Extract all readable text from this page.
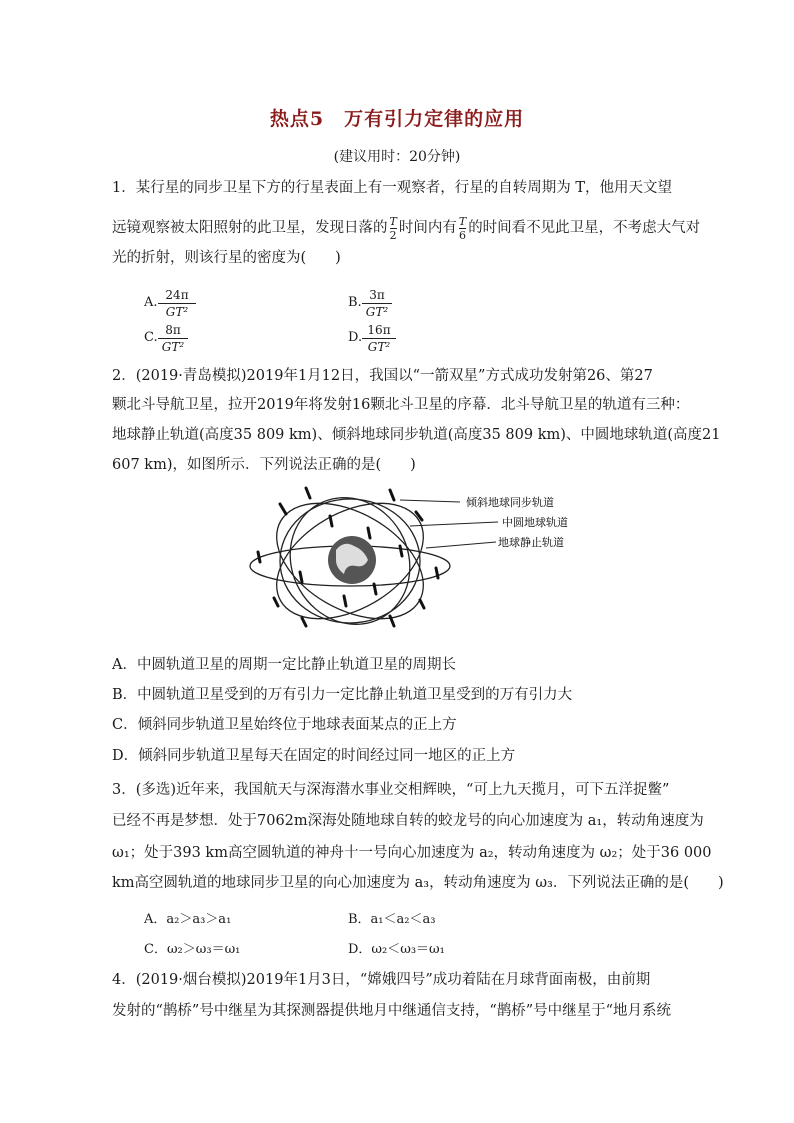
热点5　万有引力定律的应用
(建议用时：20分钟)
1．某行星的同步卫星下方的行星表面上有一观察者，行星的自转周期为 T，他用天文望
远镜观察被太阳照射的此卫星，发现日落的 $\frac{T}{2}$ 时间内有 $\frac{T}{6}$ 的时间看不见此卫星，不考虑大气对
光的折射，则该行星的密度为(　　)
A. $\frac{24\pi}{\text{GT²}}$	B. $\frac{3\pi}{\text{GT²}}$
C. $\frac{8\pi}{\text{GT²}}$	D. $\frac{16\pi}{\text{GT²}}$
2．(2019·青岛模拟)2019年1月12日，我国以“一箭双星”方式成功发射第26、第27
颗北斗导航卫星，拉开2019年将发射16颗北斗卫星的序幕．北斗导航卫星的轨道有三种：
地球静止轨道(高度35 809 km)、倾斜地球同步轨道(高度35 809 km)、中圆地球轨道(高度21
607 km)，如图所示．下列说法正确的是(　　)
倾斜地球同步轨道
中圆地球轨道
地球静止轨道
A．中圆轨道卫星的周期一定比静止轨道卫星的周期长
B．中圆轨道卫星受到的万有引力一定比静止轨道卫星受到的万有引力大
C．倾斜同步轨道卫星始终位于地球表面某点的正上方
D．倾斜同步轨道卫星每天在固定的时间经过同一地区的正上方
3．(多选)近年来，我国航天与深海潜水事业交相辉映，“可上九天揽月，可下五洋捉鳖”
已经不再是梦想．处于7062m深海处随地球自转的蛟龙号的向心加速度为 a₁，转动角速度为
ω₁；处于393 km高空圆轨道的神舟十一号向心加速度为 a₂，转动角速度为 ω₂；处于36 000
km高空圆轨道的地球同步卫星的向心加速度为 a₃，转动角速度为 ω₃．下列说法正确的是(　　)
A．a₂＞a₃＞a₁	B．a₁＜a₂＜a₃
C．ω₂＞ω₃＝ω₁	D．ω₂＜ω₃＝ω₁
4．(2019·烟台模拟)2019年1月3日，“嫦娥四号”成功着陆在月球背面南极，由前期
发射的“鹊桥”号中继星为其探测器提供地月中继通信支持，“鹊桥”号中继星于“地月系统
